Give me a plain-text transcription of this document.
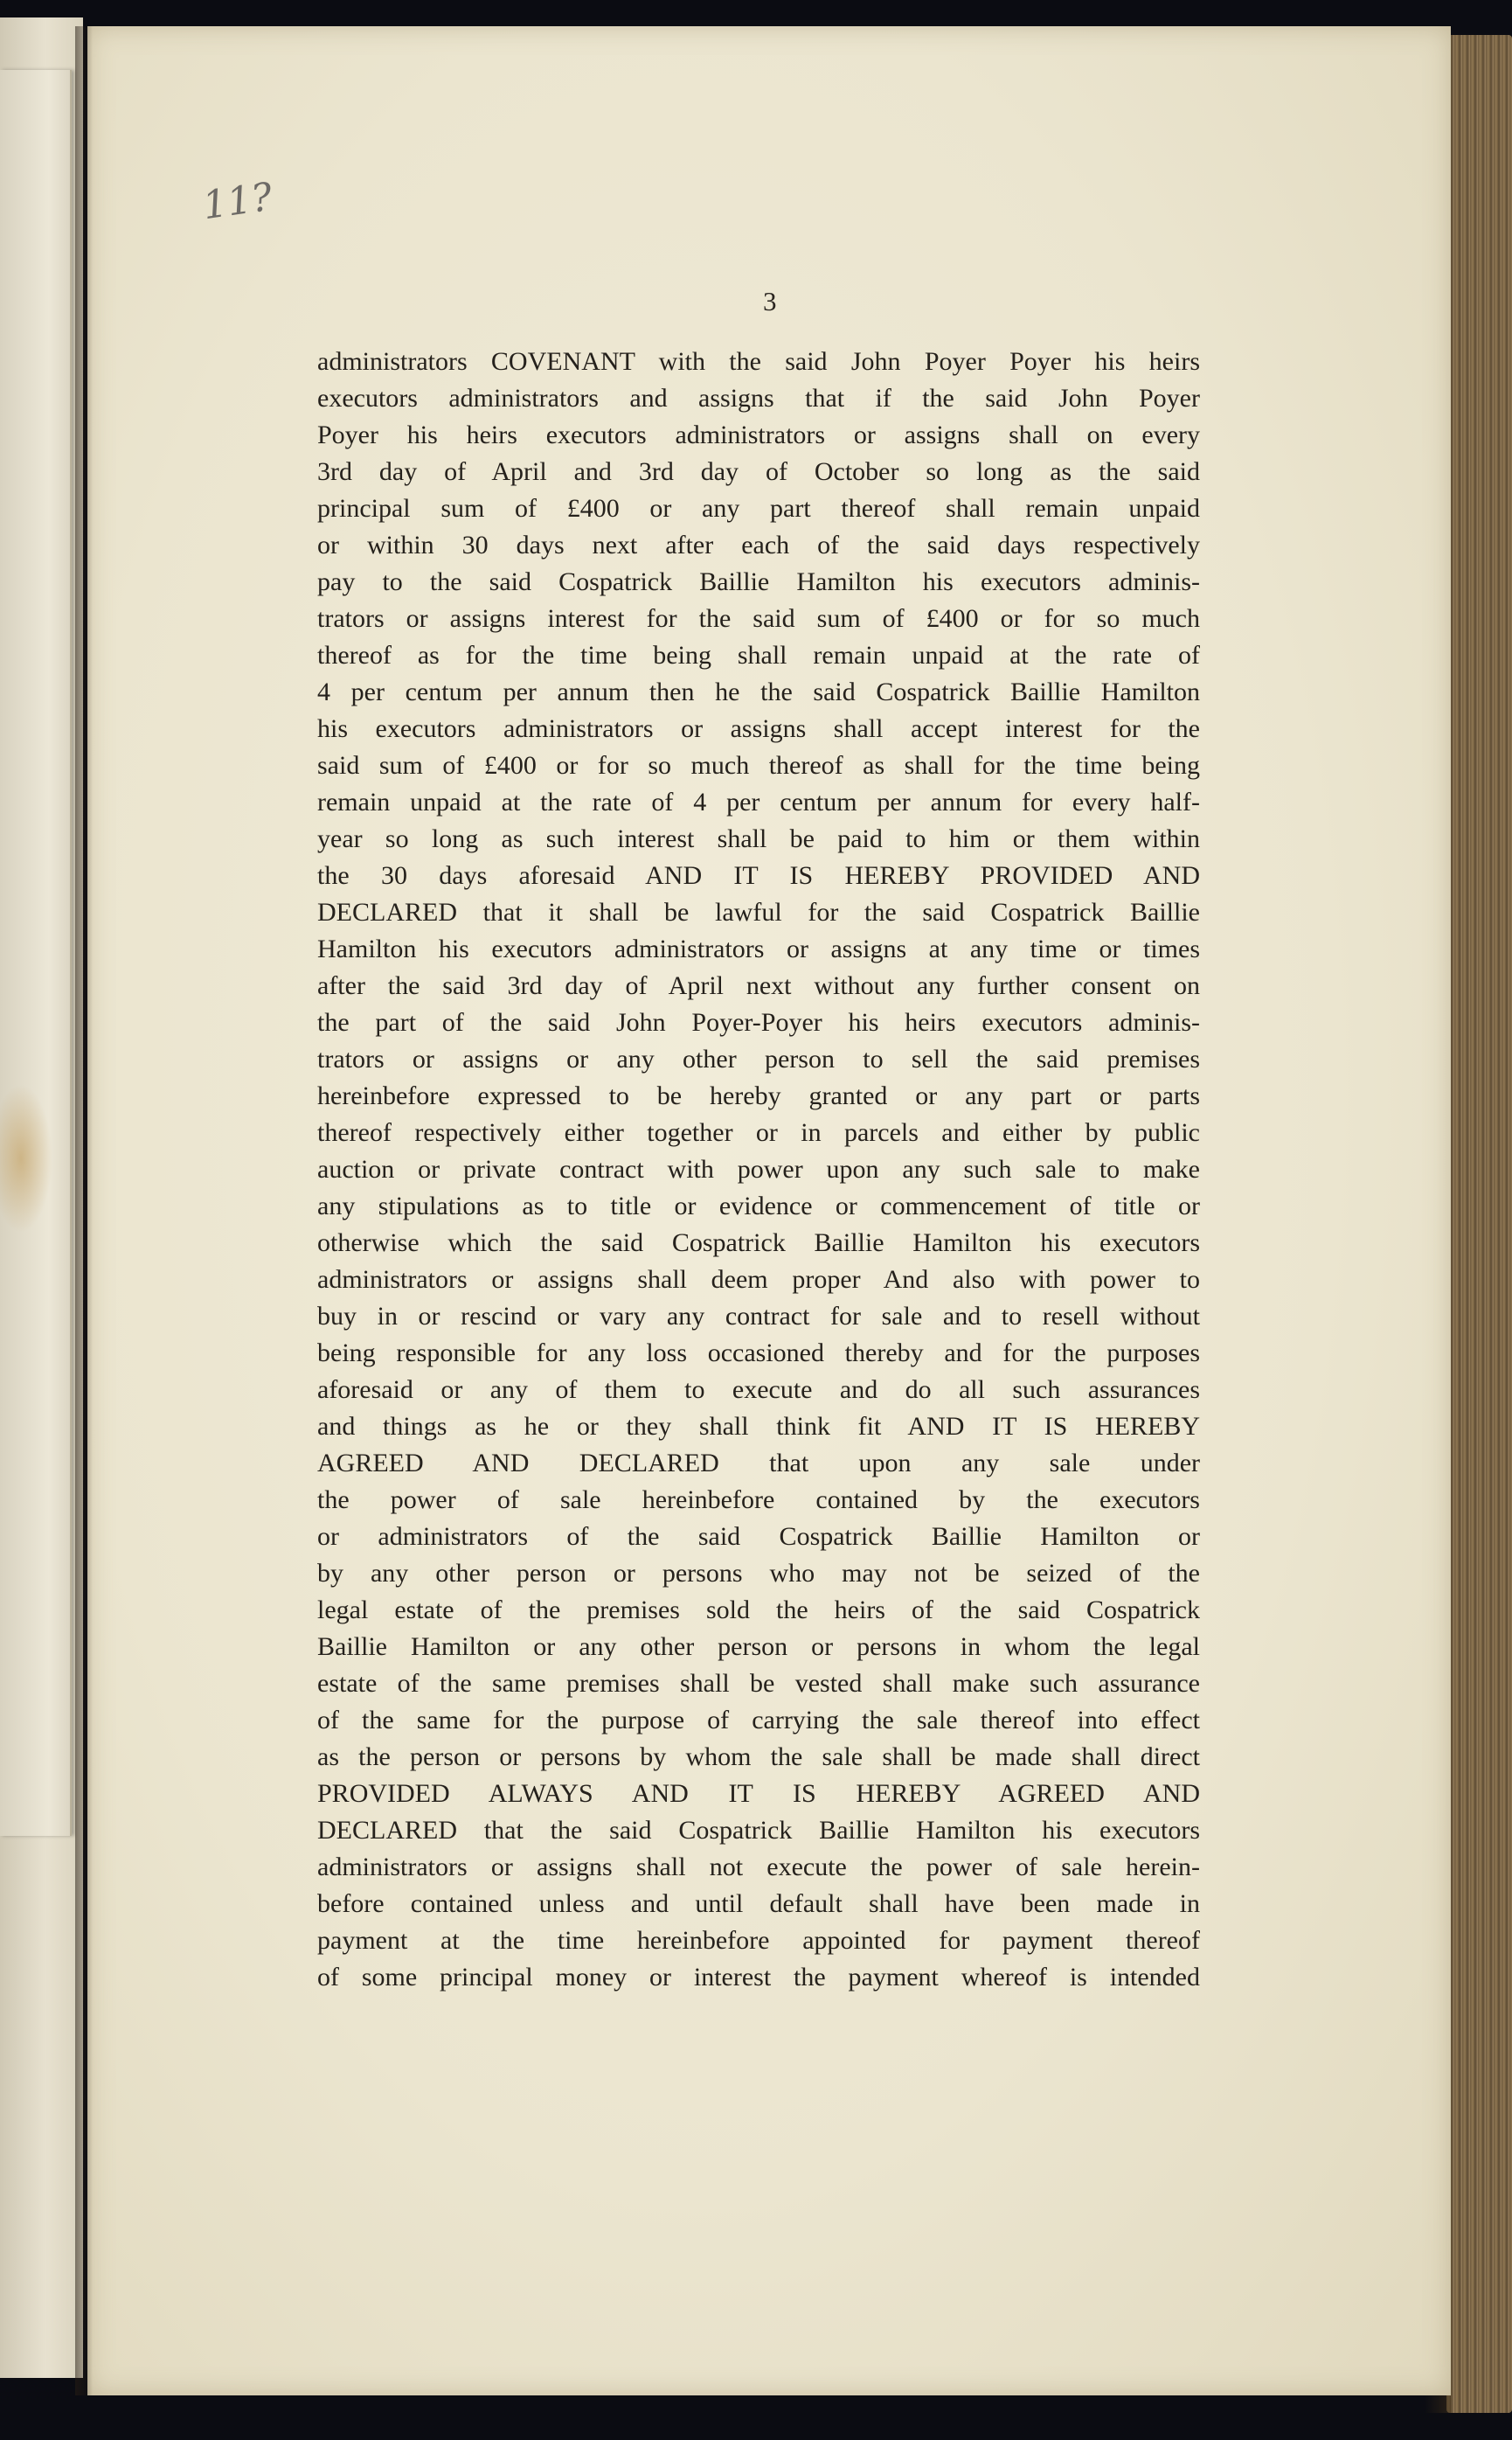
11?
3
administrators COVENANT with the said John Poyer Poyer his heirs
executors administrators and assigns that if the said John Poyer
Poyer his heirs executors administrators or assigns shall on every
3rd day of April and 3rd day of October so long as the said
principal sum of £400 or any part thereof shall remain unpaid
or within 30 days next after each of the said days respectively
pay to the said Cospatrick Baillie Hamilton his executors adminis-
trators or assigns interest for the said sum of £400 or for so much
thereof as for the time being shall remain unpaid at the rate of
4 per centum per annum then he the said Cospatrick Baillie Hamilton
his executors administrators or assigns shall accept interest for the
said sum of £400 or for so much thereof as shall for the time being
remain unpaid at the rate of 4 per centum per annum for every half-
year so long as such interest shall be paid to him or them within
the 30 days aforesaid AND IT IS HEREBY PROVIDED AND
DECLARED that it shall be lawful for the said Cospatrick Baillie
Hamilton his executors administrators or assigns at any time or times
after the said 3rd day of April next without any further consent on
the part of the said John Poyer-Poyer his heirs executors adminis-
trators or assigns or any other person to sell the said premises
hereinbefore expressed to be hereby granted or any part or parts
thereof respectively either together or in parcels and either by public
auction or private contract with power upon any such sale to make
any stipulations as to title or evidence or commencement of title or
otherwise which the said Cospatrick Baillie Hamilton his executors
administrators or assigns shall deem proper And also with power to
buy in or rescind or vary any contract for sale and to resell without
being responsible for any loss occasioned thereby and for the purposes
aforesaid or any of them to execute and do all such assurances
and things as he or they shall think fit AND IT IS HEREBY
AGREED AND DECLARED that upon any sale under
the power of sale hereinbefore contained by the executors
or administrators of the said Cospatrick Baillie Hamilton or
by any other person or persons who may not be seized of the
legal estate of the premises sold the heirs of the said Cospatrick
Baillie Hamilton or any other person or persons in whom the legal
estate of the same premises shall be vested shall make such assurance
of the same for the purpose of carrying the sale thereof into effect
as the person or persons by whom the sale shall be made shall direct
PROVIDED ALWAYS AND IT IS HEREBY AGREED AND
DECLARED that the said Cospatrick Baillie Hamilton his executors
administrators or assigns shall not execute the power of sale herein-
before contained unless and until default shall have been made in
payment at the time hereinbefore appointed for payment thereof
of some principal money or interest the payment whereof is intended
